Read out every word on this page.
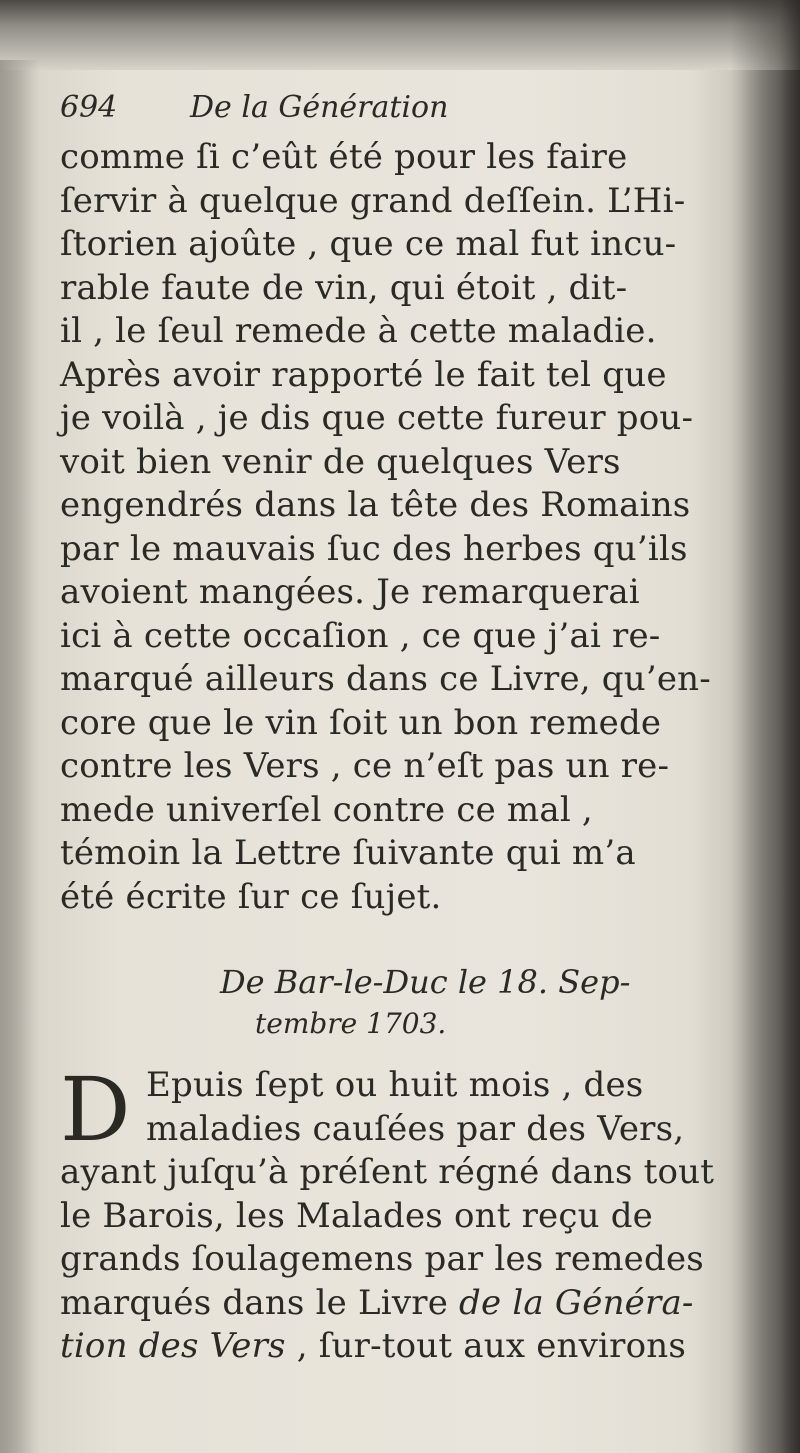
694 De la Génération
comme ſi c’eût été pour les faire
ſervir à quelque grand deſſein. L’Hi-
ſtorien ajoûte , que ce mal fut incu-
rable faute de vin, qui étoit , dit-
il , le ſeul remede à cette maladie.
Après avoir rapporté le fait tel que
je voilà , je dis que cette fureur pou-
voit bien venir de quelques Vers
engendrés dans la tête des Romains
par le mauvais ſuc des herbes qu’ils
avoient mangées. Je remarquerai
ici à cette occaſion , ce que j’ai re-
marqué ailleurs dans ce Livre, qu’en-
core que le vin ſoit un bon remede
contre les Vers , ce n’eſt pas un re-
mede univerſel contre ce mal ,
témoin la Lettre ſuivante qui m’a
été écrite ſur ce ſujet.
De Bar-le-Duc le 18. Sep-
tembre 1703.
D Epuis ſept ou huit mois , des
maladies cauſées par des Vers,
ayant juſqu’à préſent régné dans tout
le Barois, les Malades ont reçu de
grands ſoulagemens par les remedes
marqués dans le Livre de la Généra-
tion des Vers , ſur-tout aux environs
